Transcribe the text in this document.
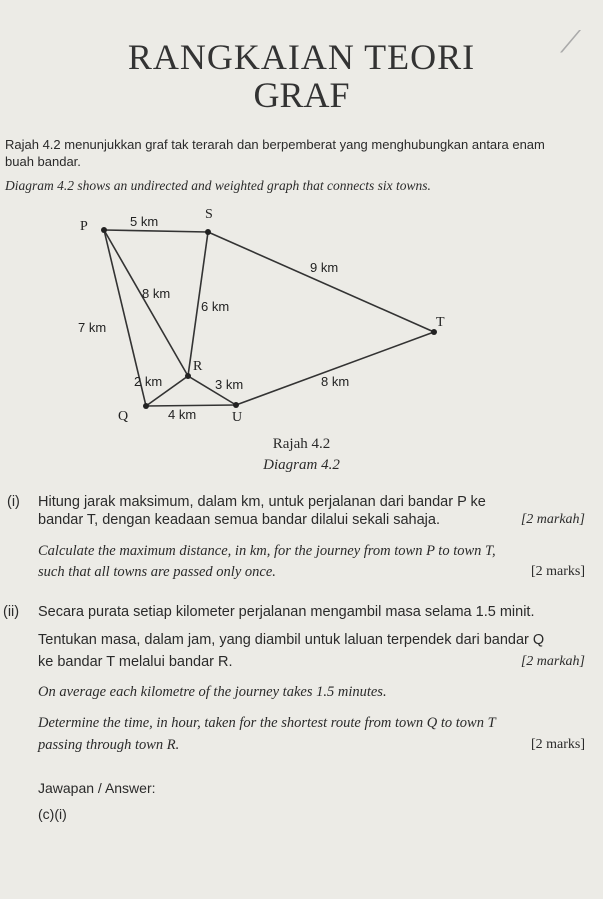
RANGKAIAN TEORI
GRAF
⟋
Rajah 4.2 menunjukkan graf tak terarah dan berpemberat yang menghubungkan antara enam buah bandar.
Diagram 4.2 shows an undirected and weighted graph that connects six towns.
P
S
T
R
Q	U
5 km
9 km
8 km
6 km
7 km
2 km	3 km	8 km
4 km
Rajah 4.2
Diagram 4.2
(i) Hitung jarak maksimum, dalam km, untuk perjalanan dari bandar P ke
bandar T, dengan keadaan semua bandar dilalui sekali sahaja.	[2 markah]
Calculate the maximum distance, in km, for the journey from town P to town T,
such that all towns are passed only once.	[2 marks]
(ii) Secara purata setiap kilometer perjalanan mengambil masa selama 1.5 minit.
Tentukan masa, dalam jam, yang diambil untuk laluan terpendek dari bandar Q
ke bandar T melalui bandar R.	[2 markah]
On average each kilometre of the journey takes 1.5 minutes.
Determine the time, in hour, taken for the shortest route from town Q to town T
passing through town R.	[2 marks]
Jawapan / Answer:
(c)(i)
